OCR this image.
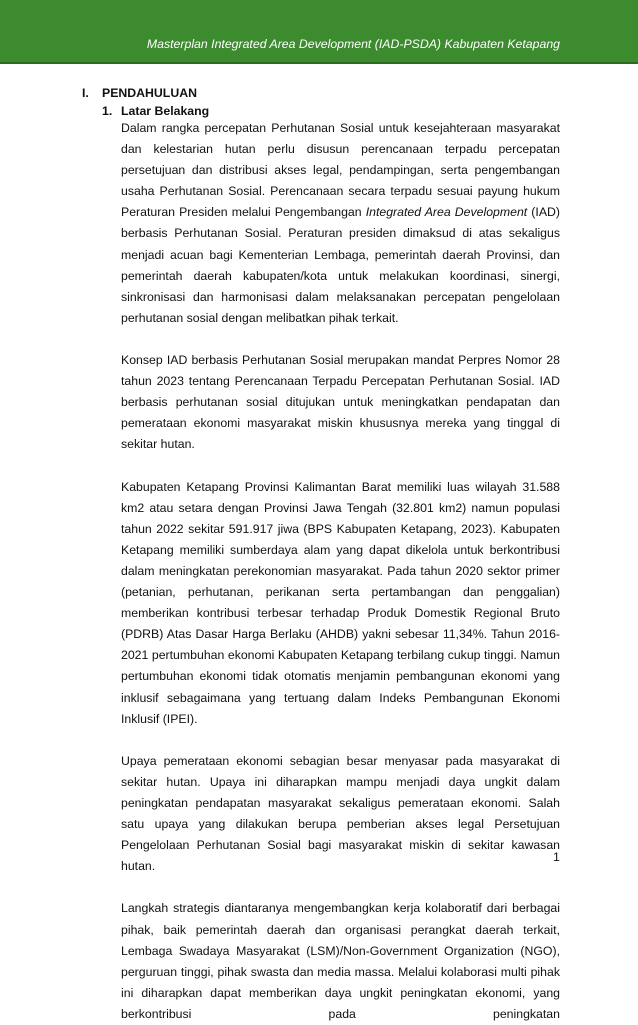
Masterplan Integrated Area Development (IAD-PSDA) Kabupaten Ketapang
I. PENDAHULUAN
1. Latar Belakang

Dalam rangka percepatan Perhutanan Sosial untuk kesejahteraan masyarakat dan kelestarian hutan perlu disusun perencanaan terpadu percepatan persetujuan dan distribusi akses legal, pendampingan, serta pengembangan usaha Perhutanan Sosial. Perencanaan secara terpadu sesuai payung hukum Peraturan Presiden melalui Pengembangan Integrated Area Development (IAD) berbasis Perhutanan Sosial. Peraturan presiden dimaksud di atas sekaligus menjadi acuan bagi Kementerian Lembaga, pemerintah daerah Provinsi, dan pemerintah daerah kabupaten/kota untuk melakukan koordinasi, sinergi, sinkronisasi dan harmonisasi dalam melaksanakan percepatan pengelolaan perhutanan sosial dengan melibatkan pihak terkait.

Konsep IAD berbasis Perhutanan Sosial merupakan mandat Perpres Nomor 28 tahun 2023 tentang Perencanaan Terpadu Percepatan Perhutanan Sosial. IAD berbasis perhutanan sosial ditujukan untuk meningkatkan pendapatan dan pemerataan ekonomi masyarakat miskin khususnya mereka yang tinggal di sekitar hutan.

Kabupaten Ketapang Provinsi Kalimantan Barat memiliki luas wilayah 31.588 km2 atau setara dengan Provinsi Jawa Tengah (32.801 km2) namun populasi tahun 2022 sekitar 591.917 jiwa (BPS Kabupaten Ketapang, 2023). Kabupaten Ketapang memiliki sumberdaya alam yang dapat dikelola untuk berkontribusi dalam meningkatan perekonomian masyarakat. Pada tahun 2020 sektor primer (petanian, perhutanan, perikanan serta pertambangan dan penggalian) memberikan kontribusi terbesar terhadap Produk Domestik Regional Bruto (PDRB) Atas Dasar Harga Berlaku (AHDB) yakni sebesar 11,34%. Tahun 2016-2021 pertumbuhan ekonomi Kabupaten Ketapang terbilang cukup tinggi. Namun pertumbuhan ekonomi tidak otomatis menjamin pembangunan ekonomi yang inklusif sebagaimana yang tertuang dalam Indeks Pembangunan Ekonomi Inklusif (IPEI).

Upaya pemerataan ekonomi sebagian besar menyasar pada masyarakat di sekitar hutan. Upaya ini diharapkan mampu menjadi daya ungkit dalam peningkatan pendapatan masyarakat sekaligus pemerataan ekonomi. Salah satu upaya yang dilakukan berupa pemberian akses legal Persetujuan Pengelolaan Perhutanan Sosial bagi masyarakat miskin di sekitar kawasan hutan.

Langkah strategis diantaranya mengembangkan kerja kolaboratif dari berbagai pihak, baik pemerintah daerah dan organisasi perangkat daerah terkait, Lembaga Swadaya Masyarakat (LSM)/Non-Government Organization (NGO), perguruan tinggi, pihak swasta dan media massa. Melalui kolaborasi multi pihak ini diharapkan dapat memberikan daya ungkit peningkatan ekonomi, yang berkontribusi pada peningkatan

1
